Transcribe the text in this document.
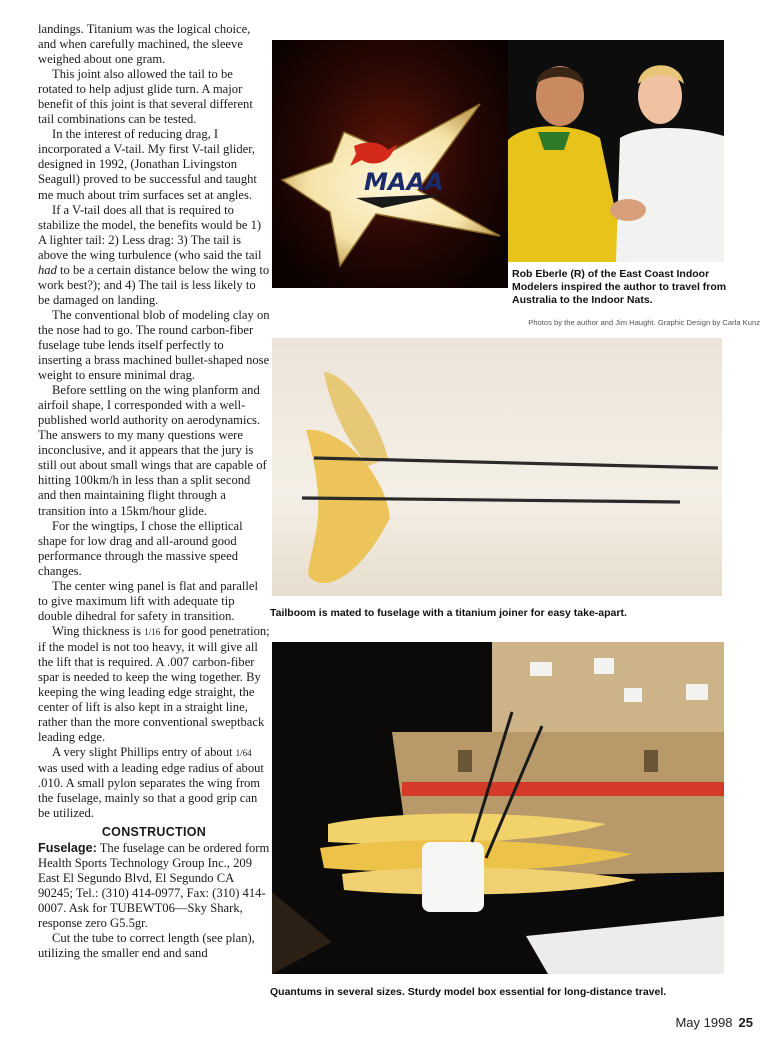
landings. Titanium was the logical choice, and when carefully machined, the sleeve weighed about one gram.

This joint also allowed the tail to be rotated to help adjust glide turn. A major benefit of this joint is that several different tail combinations can be tested.

In the interest of reducing drag, I incorporated a V-tail. My first V-tail glider, designed in 1992, (Jonathan Livingston Seagull) proved to be successful and taught me much about trim surfaces set at angles.

If a V-tail does all that is required to stabilize the model, the benefits would be 1) A lighter tail: 2) Less drag: 3) The tail is above the wing turbulence (who said the tail had to be a certain distance below the wing to work best?); and 4) The tail is less likely to be damaged on landing.

The conventional blob of modeling clay on the nose had to go. The round carbon-fiber fuselage tube lends itself perfectly to inserting a brass machined bullet-shaped nose weight to ensure minimal drag.

Before settling on the wing planform and airfoil shape, I corresponded with a well-published world authority on aerodynamics. The answers to my many questions were inconclusive, and it appears that the jury is still out about small wings that are capable of hitting 100km/h in less than a split second and then maintaining flight through a transition into a 15km/hour glide.

For the wingtips, I chose the elliptical shape for low drag and all-around good performance through the massive speed changes.

The center wing panel is flat and parallel to give maximum lift with adequate tip double dihedral for safety in transition.

Wing thickness is 1/16 for good penetration; if the model is not too heavy, it will give all the lift that is required. A .007 carbon-fiber spar is needed to keep the wing together. By keeping the wing leading edge straight, the center of lift is also kept in a straight line, rather than the more conventional sweptback leading edge.

A very slight Phillips entry of about 1/64 was used with a leading edge radius of about .010. A small pylon separates the wing from the fuselage, mainly so that a good grip can be utilized.

CONSTRUCTION

Fuselage: The fuselage can be ordered form Health Sports Technology Group Inc., 209 East El Segundo Blvd, El Segundo CA 90245; Tel.: (310) 414-0977, Fax: (310) 414-0007. Ask for TUBEWT06—Sky Shark, response zero G5.5gr.

Cut the tube to correct length (see plan), utilizing the smaller end and sand

MAAA
Rob Eberle (R) of the East Coast Indoor Modelers inspired the author to travel from Australia to the Indoor Nats.
Photos by the author and Jim Haught. Graphic Design by Carla Kunz
Tailboom is mated to fuselage with a titanium joiner for easy take-apart.
Quantums in several sizes. Sturdy model box essential for long-distance travel.
May 1998 25
